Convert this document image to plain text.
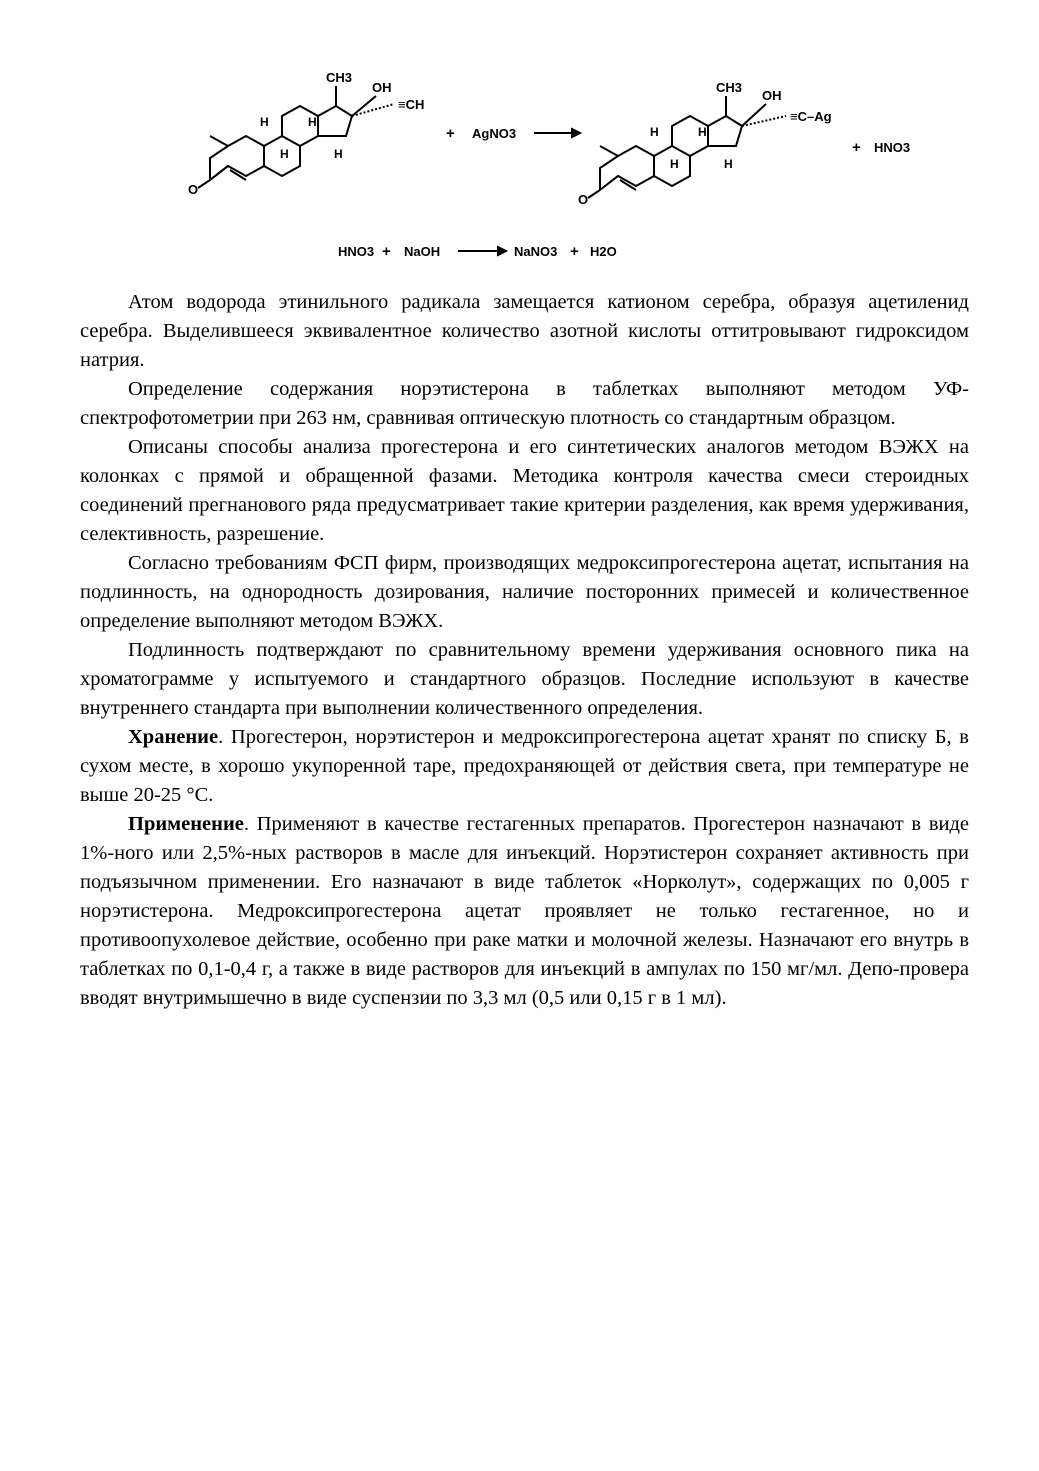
CH3
OH
≡CH
O
H	H
H	H
+ AgNO3
CH3
OH
≡C–Ag
O
H	H
H	H
+ HNO3
HNO3 + NaOH	NaNO3 + H2O

Атом водорода этинильного радикала замещается катионом серебра, образуя ацетиленид серебра. Выделившееся эквивалентное количество азотной кислоты оттитровывают гидроксидом натрия.

Определение содержания норэтистерона в таблетках выполняют методом УФ-спектрофотометрии при 263 нм, сравнивая оптическую плотность со стандартным образцом.

Описаны способы анализа прогестерона и его синтетических аналогов методом ВЭЖХ на колонках с прямой и обращенной фазами. Методика контроля качества смеси стероидных соединений прегнанового ряда предусматривает такие критерии разделения, как время удерживания, селективность, разрешение.

Согласно требованиям ФСП фирм, производящих медроксипрогестерона ацетат, испытания на подлинность, на однородность дозирования, наличие посторонних примесей и количественное определение выполняют методом ВЭЖХ.

Подлинность подтверждают по сравнительному времени удерживания основного пика на хроматограмме у испытуемого и стандартного образцов. Последние используют в качестве внутреннего стандарта при выполнении количественного определения.

Хранение. Прогестерон, норэтистерон и медроксипрогестерона ацетат хранят по списку Б, в сухом месте, в хорошо укупоренной таре, предохраняющей от действия света, при температуре не выше 20-25 °С.

Применение. Применяют в качестве гестагенных препаратов. Прогестерон назначают в виде 1%-ного или 2,5%-ных растворов в масле для инъекций. Норэтистерон сохраняет активность при подъязычном применении. Его назначают в виде таблеток «Норколут», содержащих по 0,005 г норэтистерона. Медроксипрогестерона ацетат проявляет не только гестагенное, но и противоопухолевое действие, особенно при раке матки и молочной железы. Назначают его внутрь в таблетках по 0,1-0,4 г, а также в виде растворов для инъекций в ампулах по 150 мг/мл. Депо-провера вводят внутримышечно в виде суспензии по 3,3 мл (0,5 или 0,15 г в 1 мл).
